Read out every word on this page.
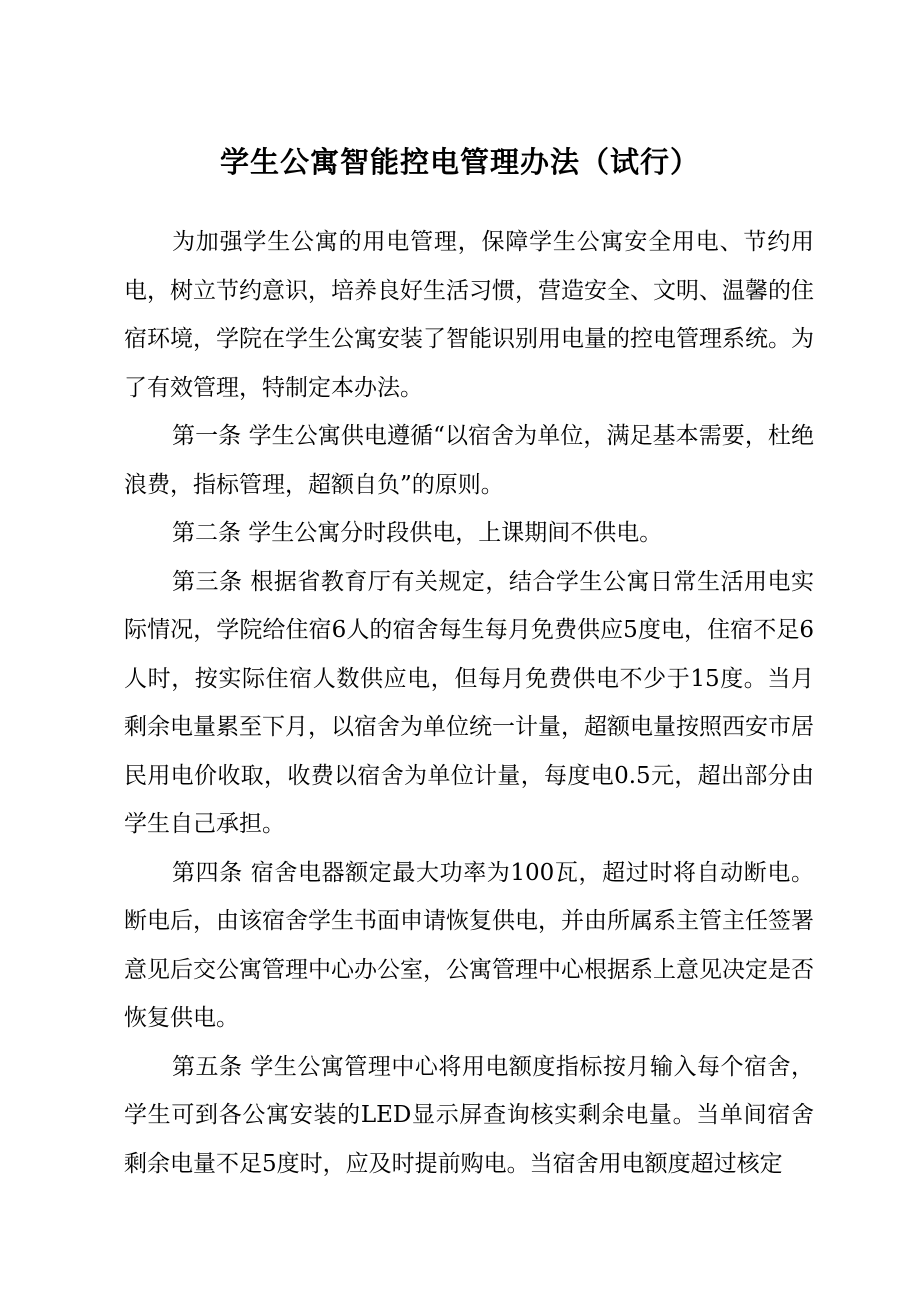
学生公寓智能控电管理办法（试行）

为加强学生公寓的用电管理，保障学生公寓安全用电、节约用电，树立节约意识，培养良好生活习惯，营造安全、文明、温馨的住宿环境，学院在学生公寓安装了智能识别用电量的控电管理系统。为了有效管理，特制定本办法。

第一条 学生公寓供电遵循“以宿舍为单位，满足基本需要，杜绝浪费，指标管理，超额自负”的原则。

第二条 学生公寓分时段供电，上课期间不供电。

第三条 根据省教育厅有关规定，结合学生公寓日常生活用电实际情况，学院给住宿6人的宿舍每生每月免费供应5度电，住宿不足6人时，按实际住宿人数供应电，但每月免费供电不少于15度。当月剩余电量累至下月，以宿舍为单位统一计量，超额电量按照西安市居民用电价收取，收费以宿舍为单位计量，每度电0.5元，超出部分由学生自己承担。

第四条 宿舍电器额定最大功率为100瓦，超过时将自动断电。断电后，由该宿舍学生书面申请恢复供电，并由所属系主管主任签署意见后交公寓管理中心办公室，公寓管理中心根据系上意见决定是否恢复供电。

第五条 学生公寓管理中心将用电额度指标按月输入每个宿舍，学生可到各公寓安装的LED显示屏查询核实剩余电量。当单间宿舍剩余电量不足5度时，应及时提前购电。当宿舍用电额度超过核定
